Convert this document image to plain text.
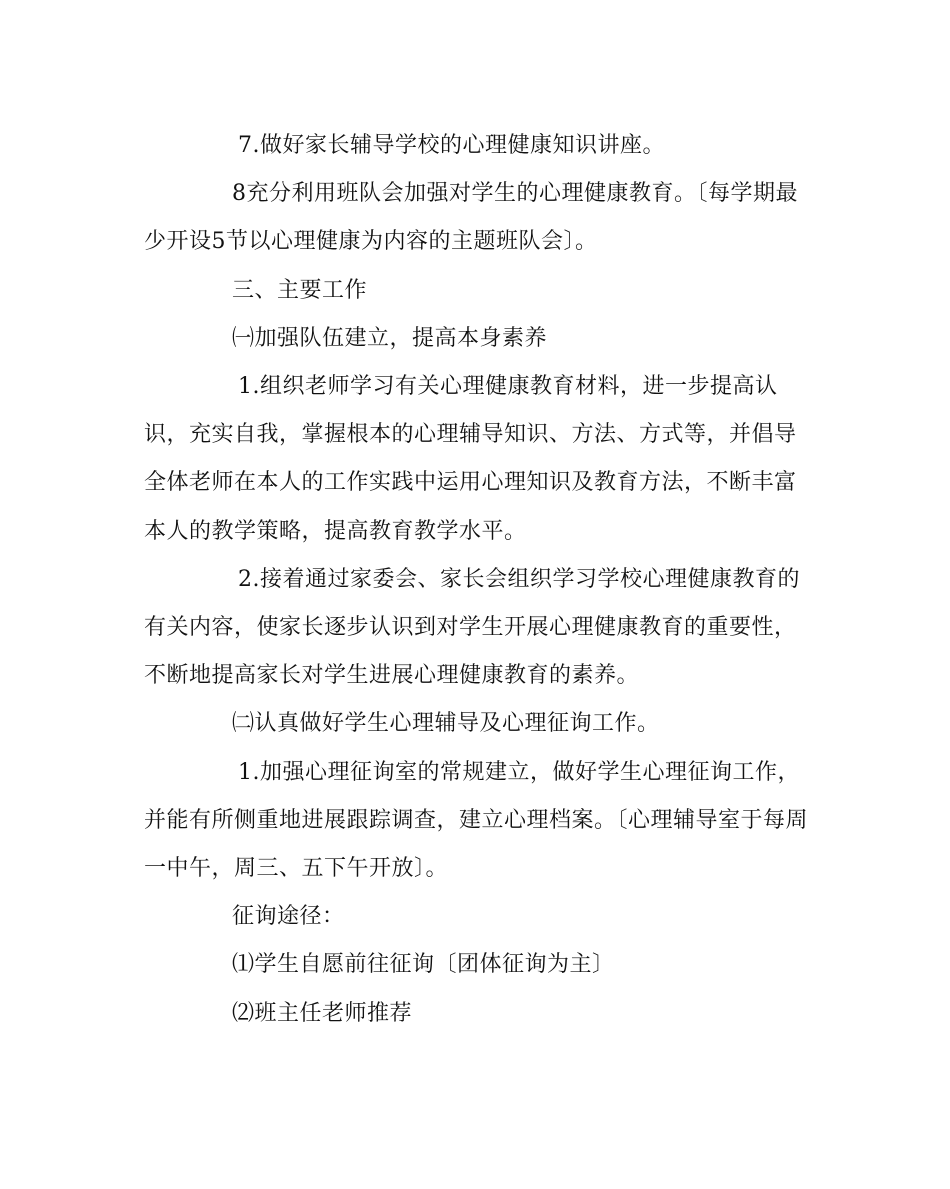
7.做好家长辅导学校的心理健康知识讲座。

8充分利用班队会加强对学生的心理健康教育。〔每学期最少开设5节以心理健康为内容的主题班队会〕。

三、主要工作

㈠加强队伍建立，提高本身素养

1.组织老师学习有关心理健康教育材料，进一步提高认识，充实自我，掌握根本的心理辅导知识、方法、方式等，并倡导全体老师在本人的工作实践中运用心理知识及教育方法，不断丰富本人的教学策略，提高教育教学水平。

2.接着通过家委会、家长会组织学习学校心理健康教育的有关内容，使家长逐步认识到对学生开展心理健康教育的重要性，不断地提高家长对学生进展心理健康教育的素养。

㈡认真做好学生心理辅导及心理征询工作。

1.加强心理征询室的常规建立，做好学生心理征询工作，并能有所侧重地进展跟踪调查，建立心理档案。〔心理辅导室于每周一中午，周三、五下午开放〕。

征询途径：

⑴学生自愿前往征询〔团体征询为主〕

⑵班主任老师推荐
